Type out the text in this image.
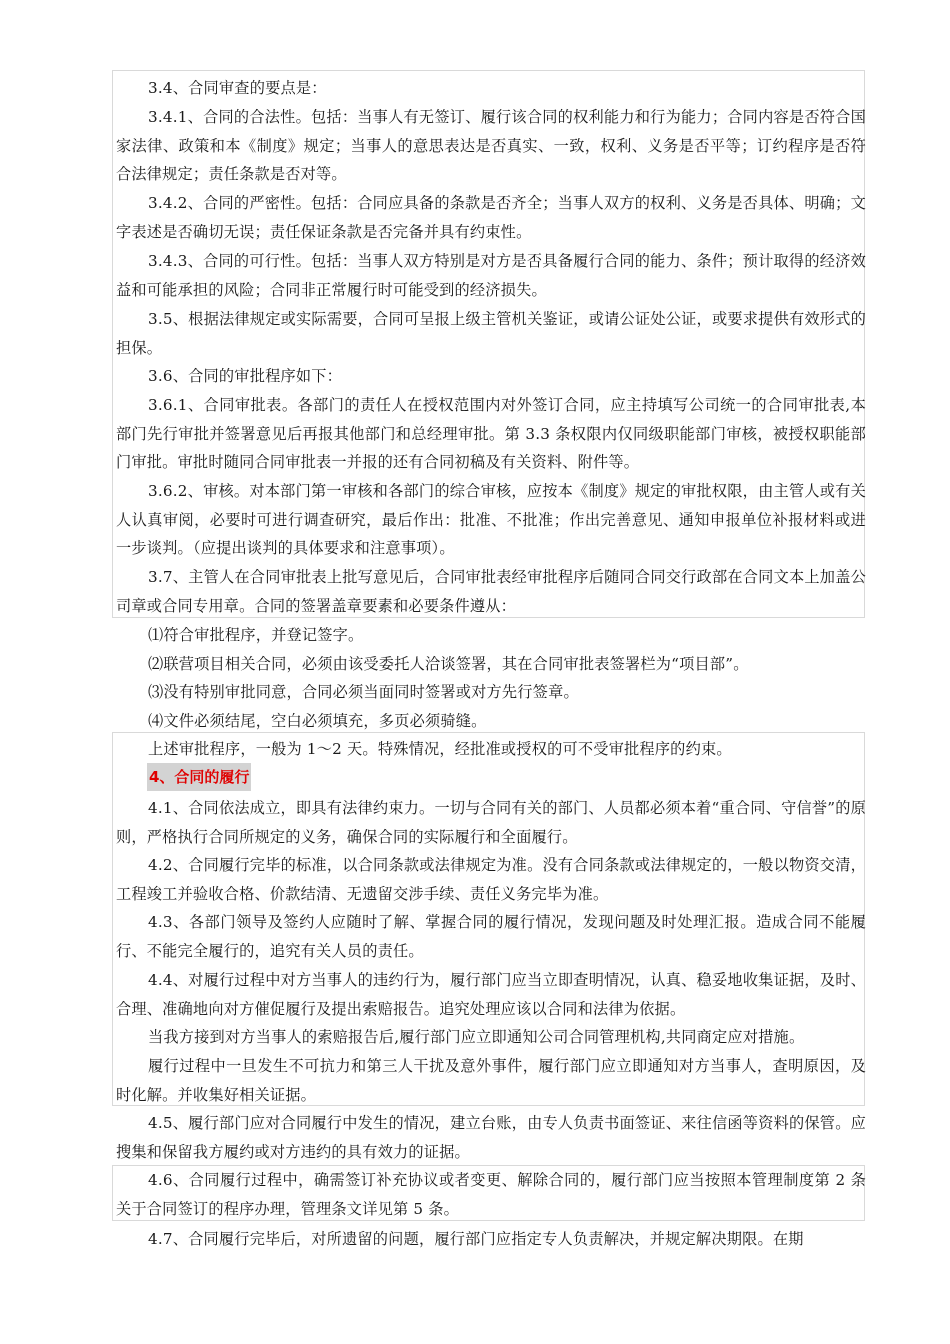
3.4、合同审查的要点是：

3.4.1、合同的合法性。包括：当事人有无签订、履行该合同的权利能力和行为能力；合同内容是否符合国家法律、政策和本《制度》规定；当事人的意思表达是否真实、一致，权利、义务是否平等；订约程序是否符合法律规定；责任条款是否对等。

3.4.2、合同的严密性。包括：合同应具备的条款是否齐全；当事人双方的权利、义务是否具体、明确；文字表述是否确切无误；责任保证条款是否完备并具有约束性。

3.4.3、合同的可行性。包括：当事人双方特别是对方是否具备履行合同的能力、条件；预计取得的经济效益和可能承担的风险；合同非正常履行时可能受到的经济损失。

3.5、根据法律规定或实际需要，合同可呈报上级主管机关鉴证，或请公证处公证，或要求提供有效形式的担保。

3.6、合同的审批程序如下：

3.6.1、合同审批表。各部门的责任人在授权范围内对外签订合同，应主持填写公司统一的合同审批表,本部门先行审批并签署意见后再报其他部门和总经理审批。第 3.3 条权限内仅同级职能部门审核，被授权职能部门审批。审批时随同合同审批表一并报的还有合同初稿及有关资料、附件等。

3.6.2、审核。对本部门第一审核和各部门的综合审核，应按本《制度》规定的审批权限，由主管人或有关人认真审阅，必要时可进行调查研究，最后作出：批准、不批准；作出完善意见、通知申报单位补报材料或进一步谈判。（应提出谈判的具体要求和注意事项）。

3.7、主管人在合同审批表上批写意见后，合同审批表经审批程序后随同合同交行政部在合同文本上加盖公司章或合同专用章。合同的签署盖章要素和必要条件遵从：

⑴符合审批程序，并登记签字。

⑵联营项目相关合同，必须由该受委托人洽谈签署，其在合同审批表签署栏为“项目部”。

⑶没有特别审批同意，合同必须当面同时签署或对方先行签章。

⑷文件必须结尾，空白必须填充，多页必须骑缝。

上述审批程序，一般为 1～2 天。特殊情况，经批准或授权的可不受审批程序的约束。

4、合同的履行

4.1、合同依法成立，即具有法律约束力。一切与合同有关的部门、人员都必须本着“重合同、守信誉”的原则，严格执行合同所规定的义务，确保合同的实际履行和全面履行。

4.2、合同履行完毕的标准，以合同条款或法律规定为准。没有合同条款或法律规定的，一般以物资交清，工程竣工并验收合格、价款结清、无遗留交涉手续、责任义务完毕为准。

4.3、各部门领导及签约人应随时了解、掌握合同的履行情况，发现问题及时处理汇报。造成合同不能履行、不能完全履行的，追究有关人员的责任。

4.4、对履行过程中对方当事人的违约行为，履行部门应当立即查明情况，认真、稳妥地收集证据，及时、合理、准确地向对方催促履行及提出索赔报告。追究处理应该以合同和法律为依据。

当我方接到对方当事人的索赔报告后,履行部门应立即通知公司合同管理机构,共同商定应对措施。

履行过程中一旦发生不可抗力和第三人干扰及意外事件，履行部门应立即通知对方当事人，查明原因，及时化解。并收集好相关证据。

4.5、履行部门应对合同履行中发生的情况，建立台账，由专人负责书面签证、来往信函等资料的保管。应搜集和保留我方履约或对方违约的具有效力的证据。

4.6、合同履行过程中，确需签订补充协议或者变更、解除合同的，履行部门应当按照本管理制度第 2 条关于合同签订的程序办理，管理条文详见第 5 条。

4.7、合同履行完毕后，对所遗留的问题，履行部门应指定专人负责解决，并规定解决期限。在期
